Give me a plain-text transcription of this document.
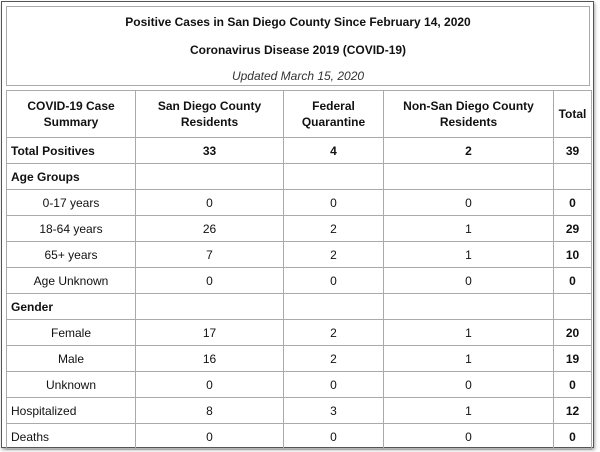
Positive Cases in San Diego County Since February 14, 2020
Coronavirus Disease 2019 (COVID-19)
Updated March 15, 2020
COVID-19 Case Summary	San Diego County Residents	Federal Quarantine	Non-San Diego County Residents	Total
Total Positives	33	4	2	39
Age Groups				
0-17 years	0	0	0	0
18-64 years	26	2	1	29
65+ years	7	2	1	10
Age Unknown	0	0	0	0
Gender				
Female	17	2	1	20
Male	16	2	1	19
Unknown	0	0	0	0
Hospitalized	8	3	1	12
Deaths	0	0	0	0
